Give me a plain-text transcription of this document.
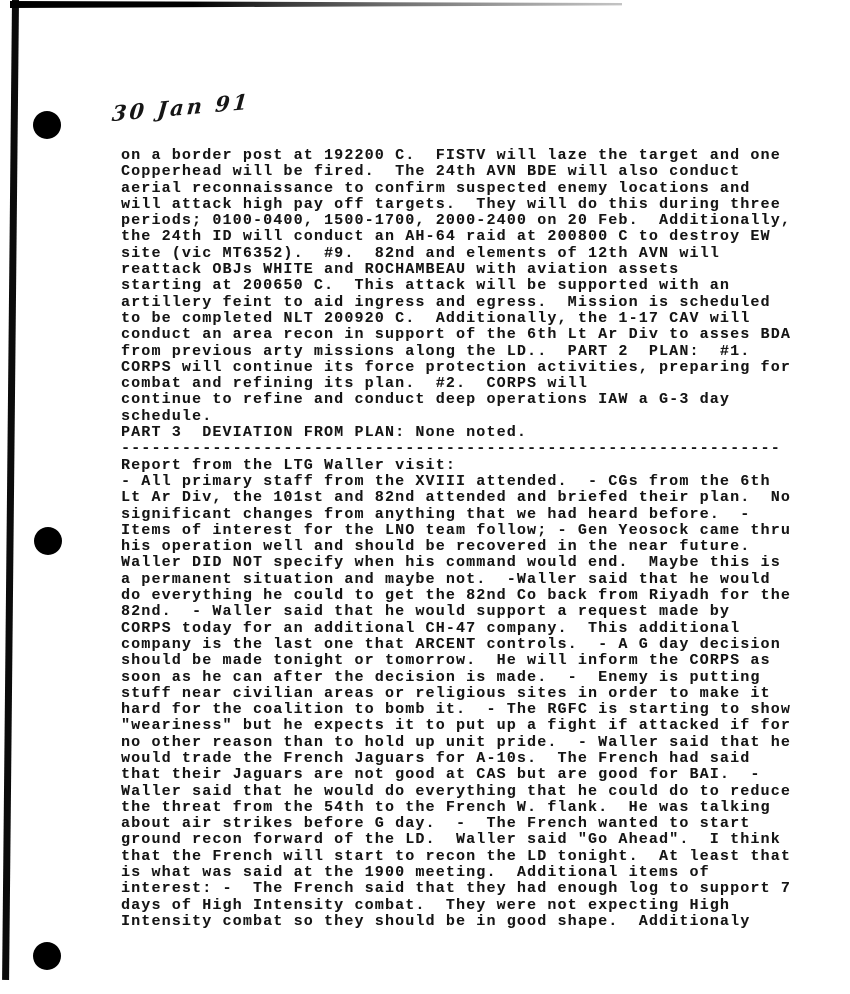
30 Jan 91
on a border post at 192200 C.  FISTV will laze the target and one
Copperhead will be fired.  The 24th AVN BDE will also conduct
aerial reconnaissance to confirm suspected enemy locations and
will attack high pay off targets.  They will do this during three
periods; 0100-0400, 1500-1700, 2000-2400 on 20 Feb.  Additionally,
the 24th ID will conduct an AH-64 raid at 200800 C to destroy EW
site (vic MT6352).  #9.  82nd and elements of 12th AVN will
reattack OBJs WHITE and ROCHAMBEAU with aviation assets
starting at 200650 C.  This attack will be supported with an
artillery feint to aid ingress and egress.  Mission is scheduled
to be completed NLT 200920 C.  Additionally, the 1-17 CAV will
conduct an area recon in support of the 6th Lt Ar Div to asses BDA
from previous arty missions along the LD..  PART 2  PLAN:  #1.
CORPS will continue its force protection activities, preparing for
combat and refining its plan.  #2.  CORPS will
continue to refine and conduct deep operations IAW a G-3 day
schedule.
PART 3  DEVIATION FROM PLAN: None noted.
-----------------------------------------------------------------
Report from the LTG Waller visit:
- All primary staff from the XVIII attended.  - CGs from the 6th
Lt Ar Div, the 101st and 82nd attended and briefed their plan.  No
significant changes from anything that we had heard before.  -
Items of interest for the LNO team follow; - Gen Yeosock came thru
his operation well and should be recovered in the near future.
Waller DID NOT specify when his command would end.  Maybe this is
a permanent situation and maybe not.  -Waller said that he would
do everything he could to get the 82nd Co back from Riyadh for the
82nd.  - Waller said that he would support a request made by
CORPS today for an additional CH-47 company.  This additional
company is the last one that ARCENT controls.  - A G day decision
should be made tonight or tomorrow.  He will inform the CORPS as
soon as he can after the decision is made.  -  Enemy is putting
stuff near civilian areas or religious sites in order to make it
hard for the coalition to bomb it.  - The RGFC is starting to show
"weariness" but he expects it to put up a fight if attacked if for
no other reason than to hold up unit pride.  - Waller said that he
would trade the French Jaguars for A-10s.  The French had said
that their Jaguars are not good at CAS but are good for BAI.  -
Waller said that he would do everything that he could do to reduce
the threat from the 54th to the French W. flank.  He was talking
about air strikes before G day.  -  The French wanted to start
ground recon forward of the LD.  Waller said "Go Ahead".  I think
that the French will start to recon the LD tonight.  At least that
is what was said at the 1900 meeting.  Additional items of
interest: -  The French said that they had enough log to support 7
days of High Intensity combat.  They were not expecting High
Intensity combat so they should be in good shape.  Additionaly
